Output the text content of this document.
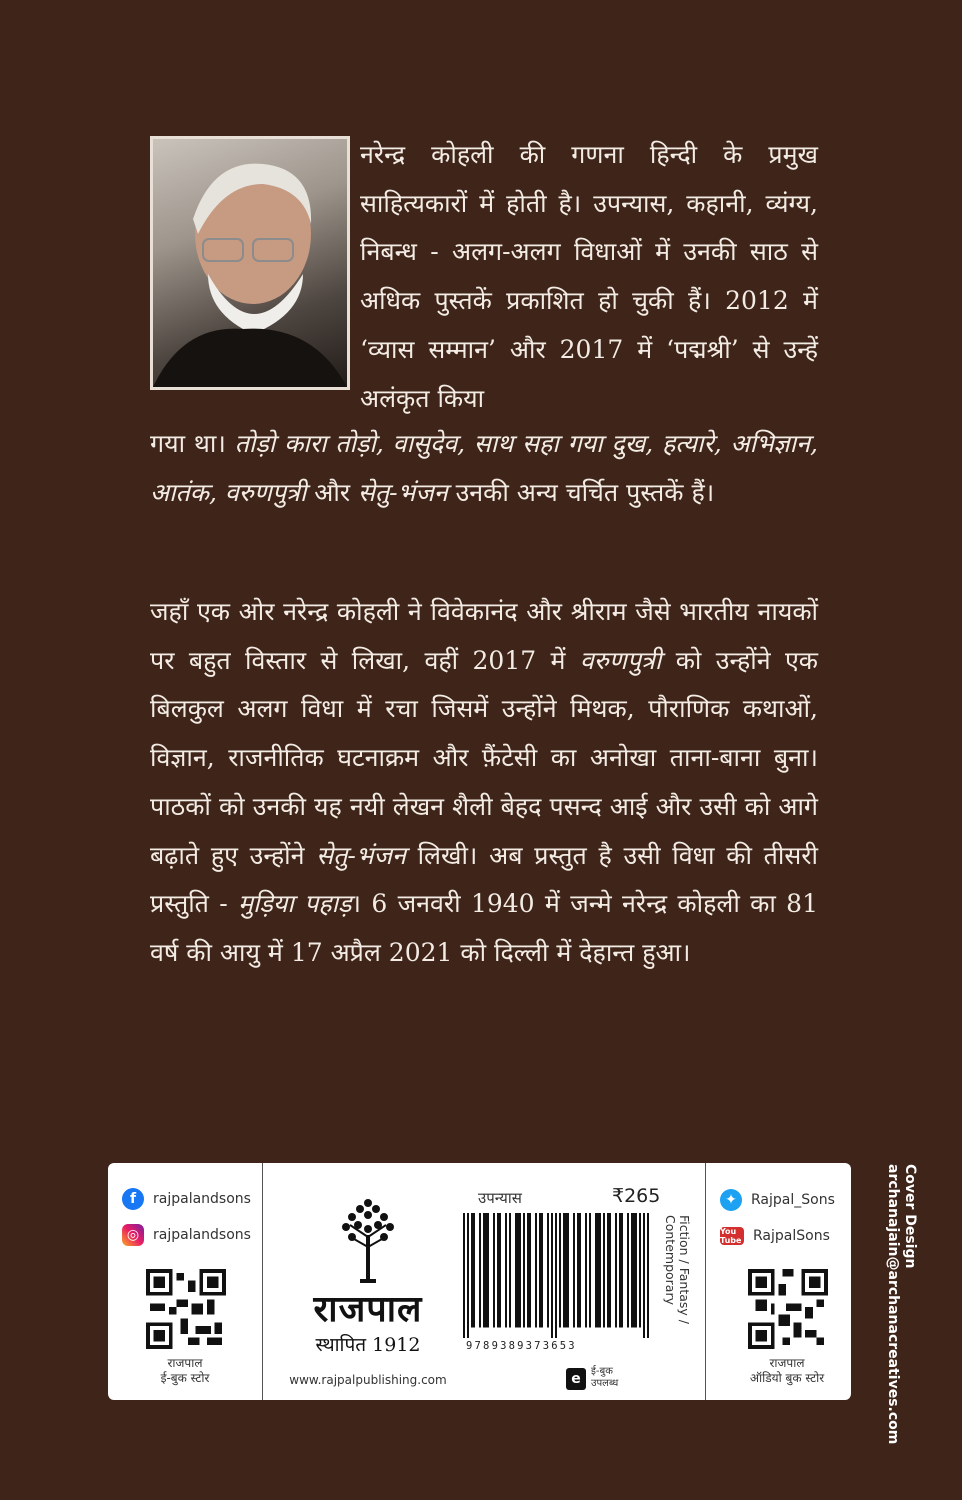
नरेन्द्र कोहली की गणना हिन्दी के प्रमुख साहित्यकारों में होती है। उपन्यास, कहानी, व्यंग्य, निबन्ध - अलग-अलग विधाओं में उनकी साठ से अधिक पुस्तकें प्रकाशित हो चुकी हैं। 2012 में ‘व्यास सम्मान’ और 2017 में ‘पद्मश्री’ से उन्हें अलंकृत किया

गया था। तोड़ो कारा तोड़ो, वासुदेव, साथ सहा गया दुख, हत्यारे, अभिज्ञान, आतंक, वरुणपुत्री और सेतु-भंजन उनकी अन्य चर्चित पुस्तकें हैं।

जहाँ एक ओर नरेन्द्र कोहली ने विवेकानंद और श्रीराम जैसे भारतीय नायकों पर बहुत विस्तार से लिखा, वहीं 2017 में वरुणपुत्री को उन्होंने एक बिलकुल अलग विधा में रचा जिसमें उन्होंने मिथक, पौराणिक कथाओं, विज्ञान, राजनीतिक घटनाक्रम और फ़ैंटेसी का अनोखा ताना-बाना बुना। पाठकों को उनकी यह नयी लेखन शैली बेहद पसन्द आई और उसी को आगे बढ़ाते हुए उन्होंने सेतु-भंजन लिखी। अब प्रस्तुत है उसी विधा की तीसरी प्रस्तुति - मुड़िया पहाड़। 6 जनवरी 1940 में जन्मे नरेन्द्र कोहली का 81 वर्ष की आयु में 17 अप्रैल 2021 को दिल्ली में देहान्त हुआ।

f	rajpalandsons
◎ rajpalandsons
राजपाल
ई-बुक स्टोर
राजपाल
स्थापित 1912
www.rajpalpublishing.com
उपन्यास	₹265
9789389373653
Fiction / Fantasy / Contemporary
e	ई-बुक
उपलब्ध
✦	Rajpal_Sons
You Tube RajpalSons
राजपाल
ऑडियो बुक स्टोर
Cover Design
archanajain@archanacreatives.com
